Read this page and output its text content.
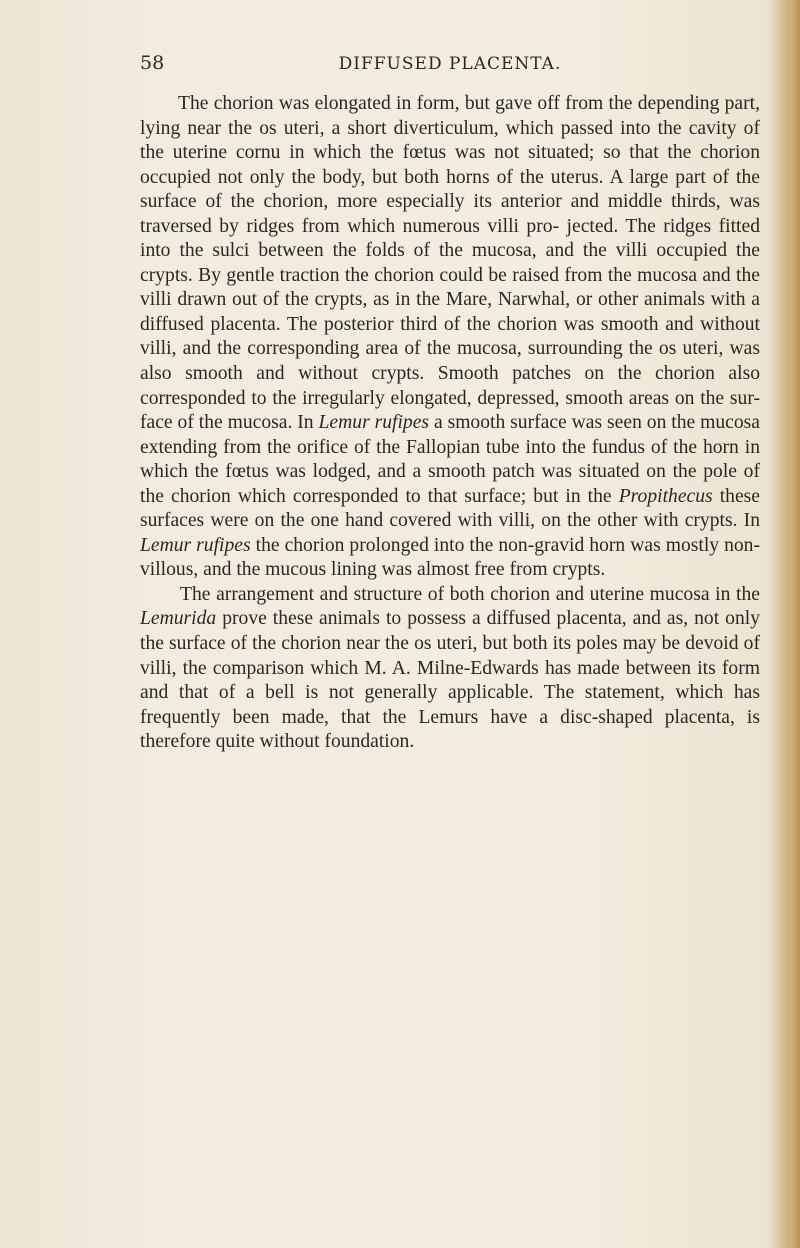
58	DIFFUSED PLACENTA.

The chorion was elongated in form, but gave off from the depending part, lying near the os uteri, a short diverticulum, which passed into the cavity of the uterine cornu in which the fœtus was not situated; so that the chorion occupied not only the body, but both horns of the uterus. A large part of the surface of the chorion, more especially its anterior and middle thirds, was traversed by ridges from which numerous villi pro- jected. The ridges fitted into the sulci between the folds of the mucosa, and the villi occupied the crypts. By gentle traction the chorion could be raised from the mucosa and the villi drawn out of the crypts, as in the Mare, Narwhal, or other animals with a diffused placenta. The posterior third of the chorion was smooth and without villi, and the corresponding area of the mucosa, surrounding the os uteri, was also smooth and without crypts. Smooth patches on the chorion also corresponded to the irregularly elongated, depressed, smooth areas on the sur- face of the mucosa. In Lemur rufipes a smooth surface was seen on the mucosa extending from the orifice of the Fallopian tube into the fundus of the horn in which the fœtus was lodged, and a smooth patch was situated on the pole of the chorion which corresponded to that surface; but in the Propithecus these surfaces were on the one hand covered with villi, on the other with crypts. In Lemur rufipes the chorion prolonged into the non-gravid horn was mostly non-villous, and the mucous lining was almost free from crypts.

The arrangement and structure of both chorion and uterine mucosa in the Lemurida prove these animals to possess a diffused placenta, and as, not only the surface of the chorion near the os uteri, but both its poles may be devoid of villi, the comparison which M. A. Milne-Edwards has made between its form and that of a bell is not generally applicable. The statement, which has frequently been made, that the Lemurs have a disc-shaped placenta, is therefore quite without foundation.
